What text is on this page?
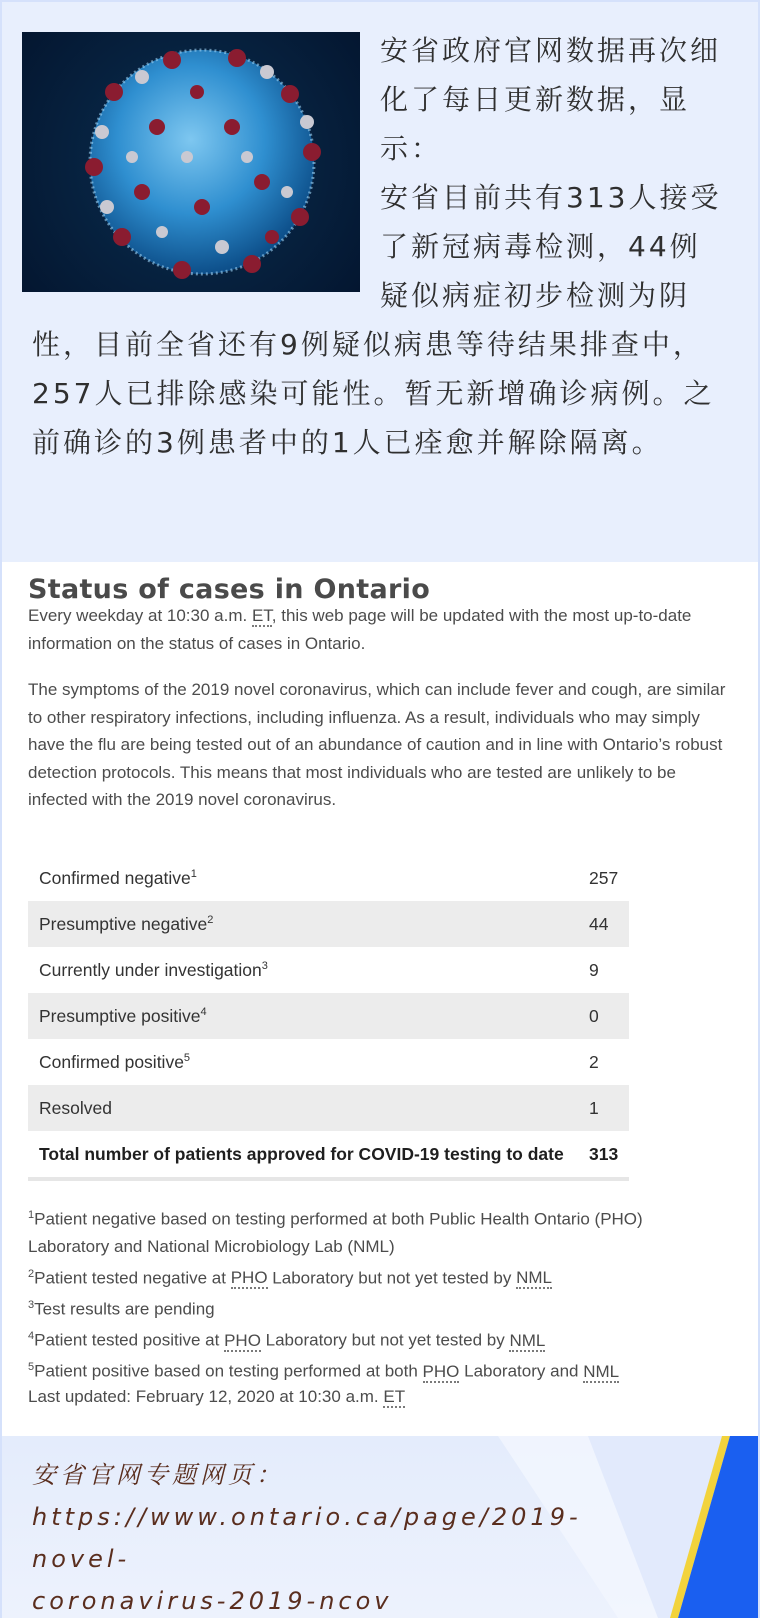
安省政府官网数据再次细化了每日更新数据，显示：

安省目前共有313人接受了新冠病毒检测，44例疑似病症初步检测为阴性，目前全省还有9例疑似病患等待结果排查中，257人已排除感染可能性。暂无新增确诊病例。之前确诊的3例患者中的1人已痊愈并解除隔离。

Status of cases in Ontario

Every weekday at 10:30 a.m. ET, this web page will be updated with the most up-to-date information on the status of cases in Ontario.

The symptoms of the 2019 novel coronavirus, which can include fever and cough, are similar to other respiratory infections, including influenza. As a result, individuals who may simply have the flu are being tested out of an abundance of caution and in line with Ontario’s robust detection protocols. This means that most individuals who are tested are unlikely to be infected with the 2019 novel coronavirus.

Confirmed negative$^1$	257
Presumptive negative$^2$	44
Currently under investigation$^3$	9
Presumptive positive$^4$	0
Confirmed positive$^5$	2
Resolved	1
Total number of patients approved for COVID-19 testing to date	313
$^1$Patient negative based on testing performed at both Public Health Ontario (PHO) Laboratory and National Microbiology Lab (NML)
$^2$Patient tested negative at PHO Laboratory but not yet tested by NML
$^3$Test results are pending
$^4$Patient tested positive at PHO Laboratory but not yet tested by NML
$^5$Patient positive based on testing performed at both PHO Laboratory and NML

Last updated: February 12, 2020 at 10:30 a.m. ET

安省官网专题网页：
https://www.ontario.ca/page/2019-novel-
coronavirus-2019-ncov
